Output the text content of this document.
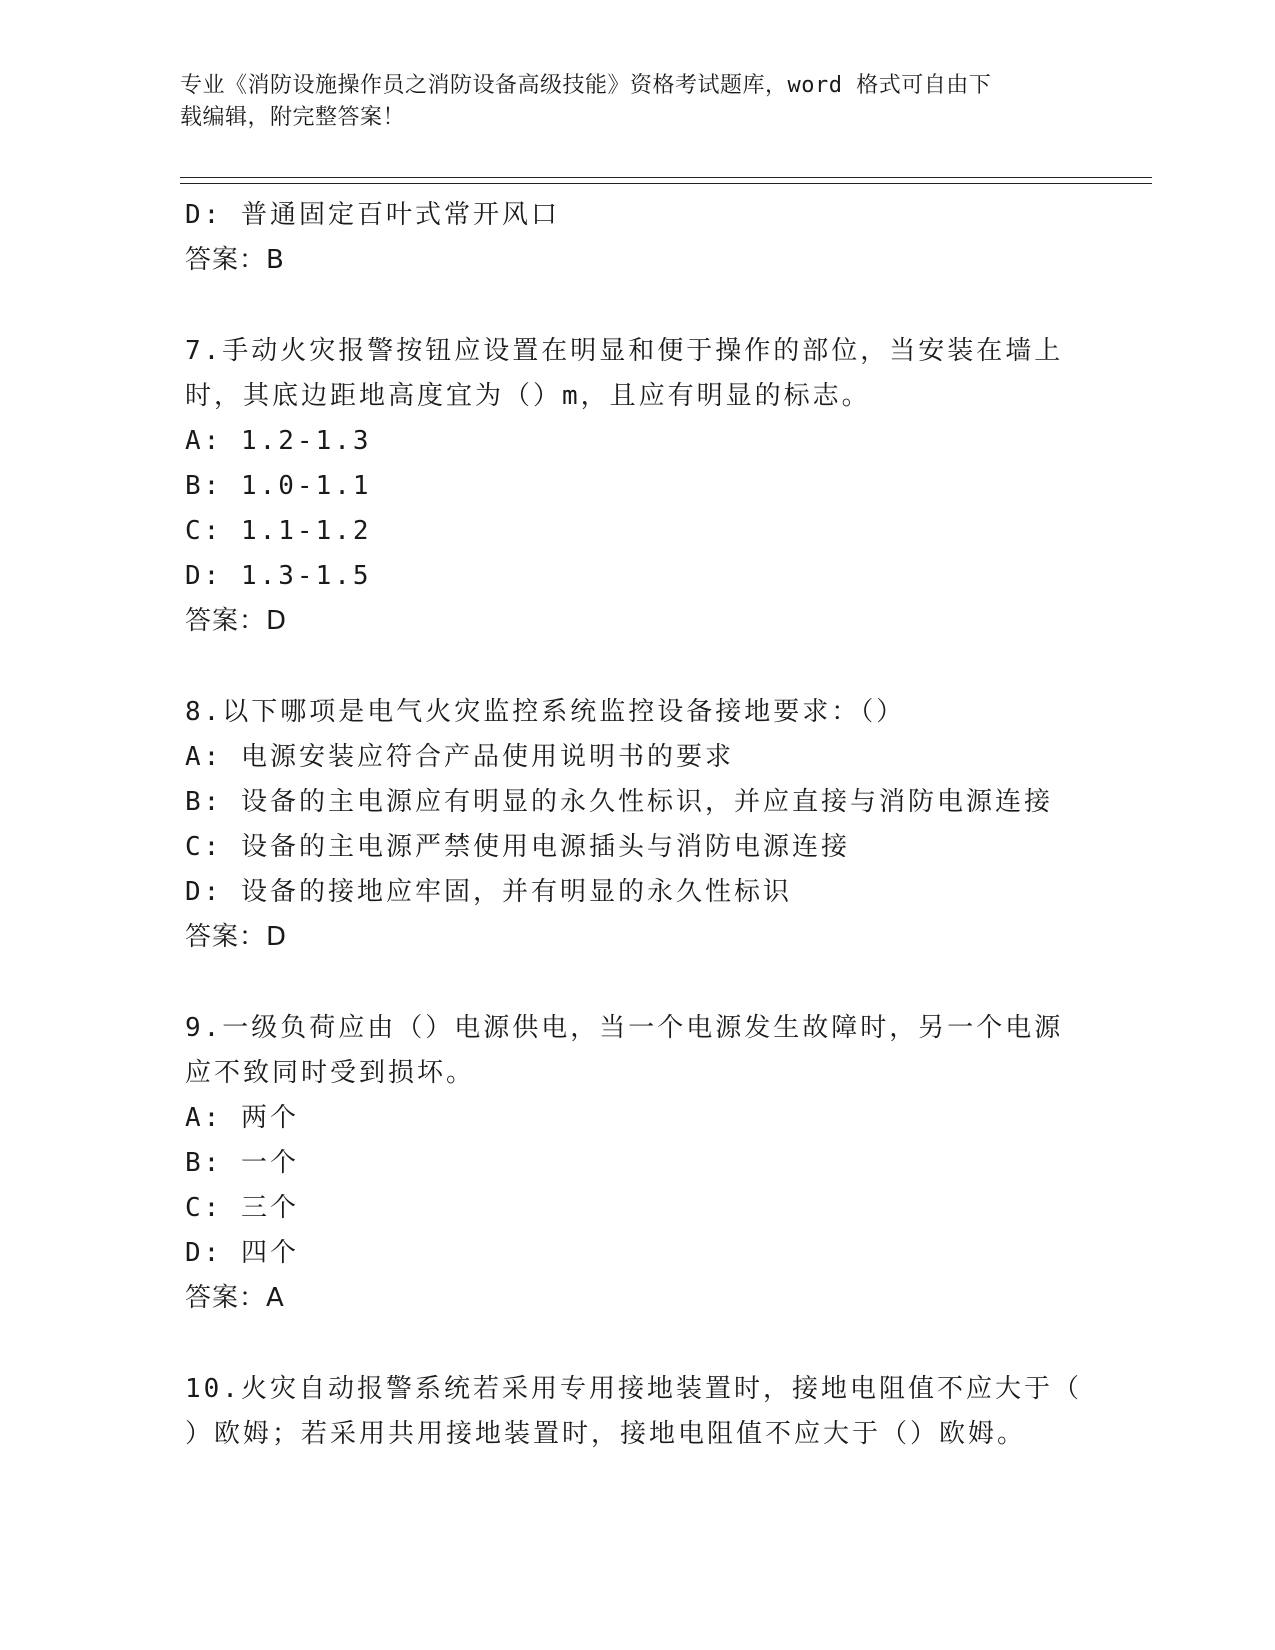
专业《消防设施操作员之消防设备高级技能》资格考试题库，word 格式可自由下
载编辑，附完整答案！
D: 普通固定百叶式常开风口
答案：B
7.手动火灾报警按钮应设置在明显和便于操作的部位，当安装在墙上
时，其底边距地高度宜为（）m，且应有明显的标志。
A: 1.2-1.3
B: 1.0-1.1
C: 1.1-1.2
D: 1.3-1.5
答案：D
8.以下哪项是电气火灾监控系统监控设备接地要求：（）
A: 电源安装应符合产品使用说明书的要求
B: 设备的主电源应有明显的永久性标识，并应直接与消防电源连接
C: 设备的主电源严禁使用电源插头与消防电源连接
D: 设备的接地应牢固，并有明显的永久性标识
答案：D
9.一级负荷应由（）电源供电，当一个电源发生故障时，另一个电源
应不致同时受到损坏。
A: 两个
B: 一个
C: 三个
D: 四个
答案：A
10.火灾自动报警系统若采用专用接地装置时，接地电阻值不应大于（
）欧姆；若采用共用接地装置时，接地电阻值不应大于（）欧姆。
